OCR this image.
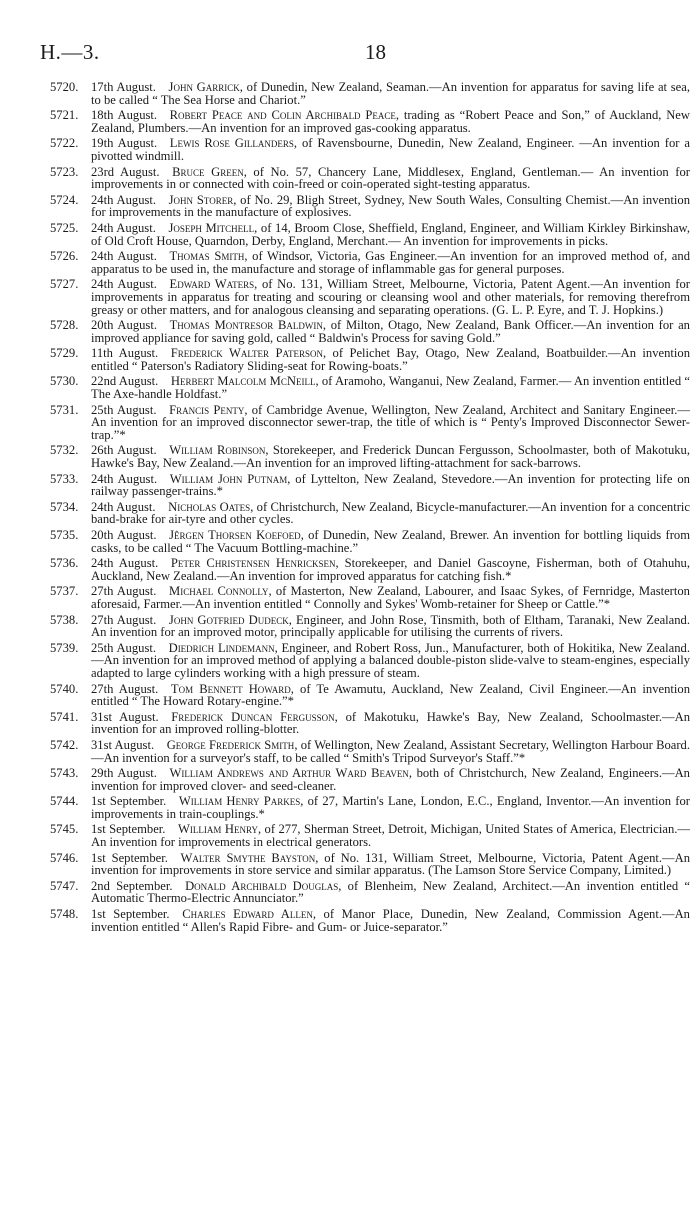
H.—3.	18
5720. 17th August.  John Garrick, of Dunedin, New Zealand, Seaman.—An invention for apparatus for saving life at sea, to be called “ The Sea Horse and Chariot.”
5721. 18th August.  Robert Peace and Colin Archibald Peace, trading as “Robert Peace and Son,” of Auckland, New Zealand, Plumbers.—An invention for an improved gas-cooking apparatus.
5722. 19th August.  Lewis Rose Gillanders, of Ravensbourne, Dunedin, New Zealand, Engineer. —An invention for a pivotted windmill.
5723. 23rd August.  Bruce Green, of No. 57, Chancery Lane, Middlesex, England, Gentleman.— An invention for improvements in or connected with coin-freed or coin-operated sight-testing apparatus.
5724. 24th August.  John Storer, of No. 29, Bligh Street, Sydney, New South Wales, Consulting Chemist.—An invention for improvements in the manufacture of explosives.
5725. 24th August.  Joseph Mitchell, of 14, Broom Close, Sheffield, England, Engineer, and William Kirkley Birkinshaw, of Old Croft House, Quarndon, Derby, England, Merchant.— An invention for improvements in picks.
5726. 24th August.  Thomas Smith, of Windsor, Victoria, Gas Engineer.—An invention for an improved method of, and apparatus to be used in, the manufacture and storage of inflammable gas for general purposes.
5727. 24th August.  Edward Waters, of No. 131, William Street, Melbourne, Victoria, Patent Agent.—An invention for improvements in apparatus for treating and scouring or cleansing wool and other materials, for removing therefrom greasy or other matters, and for analogous cleansing and separating operations. (G. L. P. Eyre, and T. J. Hopkins.)
5728. 20th August.  Thomas Montresor Baldwin, of Milton, Otago, New Zealand, Bank Officer.—An invention for an improved appliance for saving gold, called “ Baldwin's Process for saving Gold.”
5729. 11th August.  Frederick Walter Paterson, of Pelichet Bay, Otago, New Zealand, Boatbuilder.—An invention entitled “ Paterson's Radiatory Sliding-seat for Rowing-boats.”
5730. 22nd August.  Herbert Malcolm McNeill, of Aramoho, Wanganui, New Zealand, Farmer.— An invention entitled “ The Axe-handle Holdfast.”
5731. 25th August.  Francis Penty, of Cambridge Avenue, Wellington, New Zealand, Architect and Sanitary Engineer.—An invention for an improved disconnector sewer-trap, the title of which is “ Penty's Improved Disconnector Sewer-trap.”*
5732. 26th August.  William Robinson, Storekeeper, and Frederick Duncan Fergusson, Schoolmaster, both of Makotuku, Hawke's Bay, New Zealand.—An invention for an improved lifting-attachment for sack-barrows.
5733. 24th August.  William John Putnam, of Lyttelton, New Zealand, Stevedore.—An invention for protecting life on railway passenger-trains.*
5734. 24th August.  Nicholas Oates, of Christchurch, New Zealand, Bicycle-manufacturer.—An invention for a concentric band-brake for air-tyre and other cycles.
5735. 20th August.  Jêrgen Thorsen Koefoed, of Dunedin, New Zealand, Brewer. An invention for bottling liquids from casks, to be called “ The Vacuum Bottling-machine.”
5736. 24th August.  Peter Christensen Henricksen, Storekeeper, and Daniel Gascoyne, Fisherman, both of Otahuhu, Auckland, New Zealand.—An invention for improved apparatus for catching fish.*
5737. 27th August.  Michael Connolly, of Masterton, New Zealand, Labourer, and Isaac Sykes, of Fernridge, Masterton aforesaid, Farmer.—An invention entitled “ Connolly and Sykes' Womb-retainer for Sheep or Cattle.”*
5738. 27th August.  John Gotfried Dudeck, Engineer, and John Rose, Tinsmith, both of Eltham, Taranaki, New Zealand. An invention for an improved motor, principally applicable for utilising the currents of rivers.
5739. 25th August.  Diedrich Lindemann, Engineer, and Robert Ross, Jun., Manufacturer, both of Hokitika, New Zealand.—An invention for an improved method of applying a balanced double-piston slide-valve to steam-engines, especially adapted to large cylinders working with a high pressure of steam.
5740. 27th August.  Tom Bennett Howard, of Te Awamutu, Auckland, New Zealand, Civil Engineer.—An invention entitled “ The Howard Rotary-engine.”*
5741. 31st August.  Frederick Duncan Fergusson, of Makotuku, Hawke's Bay, New Zealand, Schoolmaster.—An invention for an improved rolling-blotter.
5742. 31st August.  George Frederick Smith, of Wellington, New Zealand, Assistant Secretary, Wellington Harbour Board.—An invention for a surveyor's staff, to be called “ Smith's Tripod Surveyor's Staff.”*
5743. 29th August.  William Andrews and Arthur Ward Beaven, both of Christchurch, New Zealand, Engineers.—An invention for improved clover- and seed-cleaner.
5744. 1st September.  William Henry Parkes, of 27, Martin's Lane, London, E.C., England, Inventor.—An invention for improvements in train-couplings.*
5745. 1st September.  William Henry, of 277, Sherman Street, Detroit, Michigan, United States of America, Electrician.—An invention for improvements in electrical generators.
5746. 1st September.  Walter Smythe Bayston, of No. 131, William Street, Melbourne, Victoria, Patent Agent.—An invention for improvements in store service and similar apparatus. (The Lamson Store Service Company, Limited.)
5747. 2nd September.  Donald Archibald Douglas, of Blenheim, New Zealand, Architect.—An invention entitled “ Automatic Thermo-Electric Annunciator.”
5748. 1st September.  Charles Edward Allen, of Manor Place, Dunedin, New Zealand, Commission Agent.—An invention entitled “ Allen's Rapid Fibre- and Gum- or Juice-separator.”
